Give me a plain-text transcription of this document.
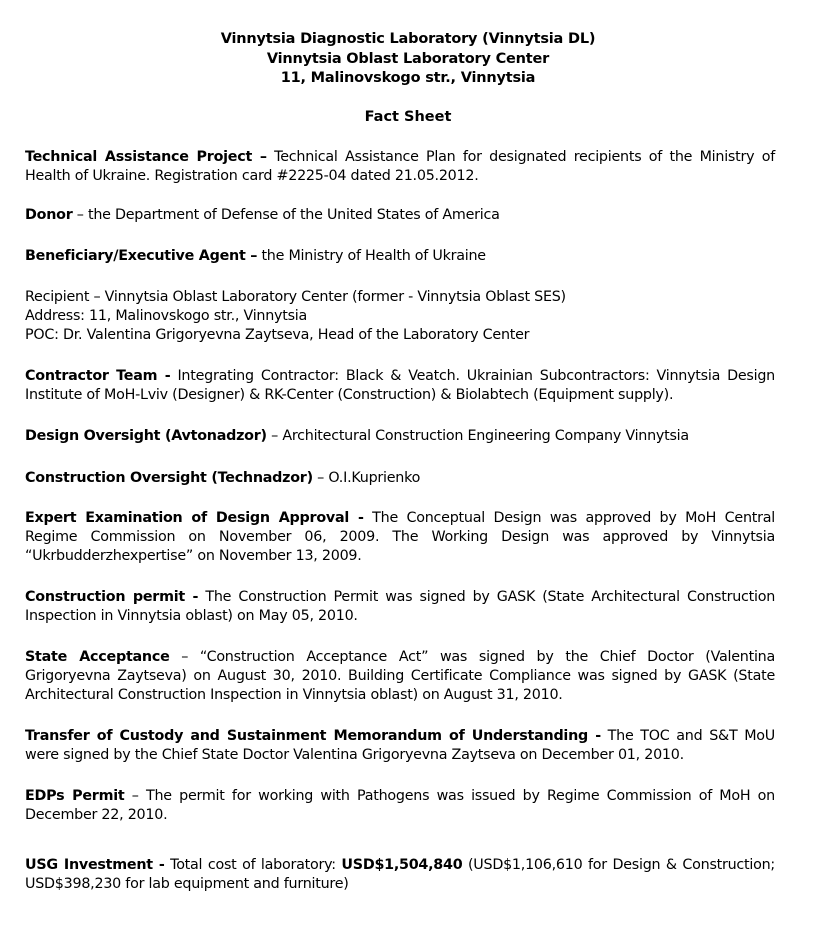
Vinnytsia Diagnostic Laboratory (Vinnytsia DL)
Vinnytsia Oblast Laboratory Center
11, Malinovskogo str., Vinnytsia
Fact Sheet
Technical Assistance Project – Technical Assistance Plan for designated recipients of the Ministry of Health of Ukraine. Registration card #2225-04 dated 21.05.2012.
Donor – the Department of Defense of the United States of America
Beneficiary/Executive Agent – the Ministry of Health of Ukraine
Recipient – Vinnytsia Oblast Laboratory Center (former - Vinnytsia Oblast SES)
Address: 11, Malinovskogo str., Vinnytsia
POC: Dr. Valentina Grigoryevna Zaytseva, Head of the Laboratory Center
Contractor Team - Integrating Contractor: Black & Veatch. Ukrainian Subcontractors: Vinnytsia Design Institute of MoH-Lviv (Designer) & RK-Center (Construction) & Biolabtech (Equipment supply).
Design Oversight (Avtonadzor) – Architectural Construction Engineering Company Vinnytsia
Construction Oversight (Technadzor) – O.I.Kuprienko
Expert Examination of Design Approval - The Conceptual Design was approved by MoH Central Regime Commission on November 06, 2009. The Working Design was approved by Vinnytsia “Ukrbudderzhexpertise” on November 13, 2009.
Construction permit - The Construction Permit was signed by GASK (State Architectural Construction Inspection in Vinnytsia oblast) on May 05, 2010.
State Acceptance – “Construction Acceptance Act” was signed by the Chief Doctor (Valentina Grigoryevna Zaytseva) on August 30, 2010. Building Certificate Compliance was signed by GASK (State Architectural Construction Inspection in Vinnytsia oblast) on August 31, 2010.
Transfer of Custody and Sustainment Memorandum of Understanding - The TOC and S&T MoU were signed by the Chief State Doctor Valentina Grigoryevna Zaytseva on December 01, 2010.
EDPs Permit – The permit for working with Pathogens was issued by Regime Commission of MoH on December 22, 2010.
USG Investment - Total cost of laboratory: USD$1,504,840 (USD$1,106,610 for Design & Construction; USD$398,230 for lab equipment and furniture)
